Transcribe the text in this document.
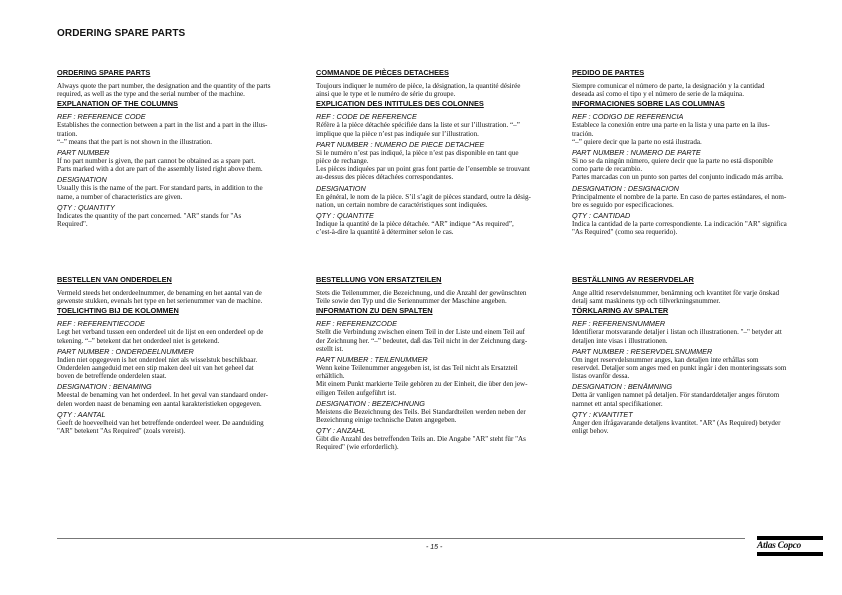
ORDERING SPARE PARTS
ORDERING SPARE PARTS
Always quote the part number, the designation and the quantity of the parts
required, as well as the type and the serial number of the machine.
EXPLANATION OF THE COLUMNS
REF : REFERENCE CODE
Establishes the connection between a part in the list and a part in the illus-
tration.
“–” means that the part is not shown in the illustration.
PART NUMBER
If no part number is given, the part cannot be obtained as a spare part.
Parts marked with a dot are part of the assembly listed right above them.
DESIGNATION
Usually this is the name of the part. For standard parts, in addition to the
name, a number of characteristics are given.
QTY : QUANTITY
Indicates the quantity of the part concerned. "AR" stands for "As
Required".
COMMANDE DE PIÈCES DETACHEES
Toujours indiquer le numéro de pièce, la désignation, la quantité désirée
ainsi que le type et le numéro de série du groupe.
EXPLICATION DES INTITULES DES COLONNES
REF : CODE DE REFERENCE
Réfère à la pièce détachée spécifiée dans la liste et sur l’illustration. “–”
implique que la pièce n’est pas indiquée sur l’illustration.
PART NUMBER : NUMERO DE PIECE DETACHEE
Si le numéro n’est pas indiqué, la pièce n’est pas disponible en tant que
pièce de rechange.
Les pièces indiquées par un point gras font partie de l’ensemble se trouvant
au-dessus des pièces détachées correspondantes.
DESIGNATION
En général, le nom de la pièce. S’il s’agit de pièces standard, outre la désig-
nation, un certain nombre de caractéristiques sont indiquées.
QTY : QUANTITE
Indique la quantité de la pièce détachée. “AR” indique “As required”,
c’est-à-dire la quantité à déterminer selon le cas.
PEDIDO DE PARTES
Siempre comunicar el número de parte, la designación y la cantidad
deseada así como el tipo y el número de serie de la máquina.
INFORMACIONES SOBRE LAS COLUMNAS
REF : CODIGO DE REFERENCIA
Establece la conexión entre una parte en la lista y una parte en la ilus-
tración.
“–” quiere decir que la parte no está ilustrada.
PART NUMBER : NUMERO DE PARTE
Si no se da ningún número, quiere decir que la parte no está disponible
como parte de recambio.
Partes marcadas con un punto son partes del conjunto indicado más arriba.
DESIGNATION : DESIGNACION
Principalmente el nombre de la parte. En caso de partes estándares, el nom-
bre es seguido por especificaciones.
QTY : CANTIDAD
Indica la cantidad de la parte correspondiente. La indicación "AR" significa
"As Required" (como sea requerido).
BESTELLEN VAN ONDERDELEN
Vermeld steeds het onderdeelnummer, de benaming en het aantal van de
gewenste stukken, evenals het type en het serienummer van de machine.
TOELICHTING BIJ DE KOLOMMEN
REF : REFERENTIECODE
Legt het verband tussen een onderdeel uit de lijst en een onderdeel op de
tekening. “–” betekent dat het onderdeel niet is getekend.
PART NUMBER : ONDERDEELNUMMER
Indien niet opgegeven is het onderdeel niet als wisselstuk beschikbaar.
Onderdelen aangeduid met een stip maken deel uit van het geheel dat
boven de betreffende onderdelen staat.
DESIGNATION : BENAMING
Meestal de benaming van het onderdeel. In het geval van standaard onder-
delen worden naast de benaming een aantal karakteristieken opgegeven.
QTY : AANTAL
Geeft de hoeveelheid van het betreffende onderdeel weer. De aanduiding
"AR" betekent "As Required" (zoals vereist).
BESTELLUNG VON ERSATZTEILEN
Stets die Teilenummer, die Bezeichnung, und die Anzahl der gewünschten
Teile sowie den Typ und die Seriennummer der Maschine angeben.
INFORMATION ZU DEN SPALTEN
REF : REFERENZCODE
Stellt die Verbindung zwischen einem Teil in der Liste und einem Teil auf
der Zeichnung her. “–” bedeutet, daß das Teil nicht in der Zeichnung darg-
estellt ist.
PART NUMBER : TEILENUMMER
Wenn keine Teilenummer angegeben ist, ist das Teil nicht als Ersatzteil
erhältlich.
Mit einem Punkt markierte Teile gehören zu der Einheit, die über den jew-
eiligen Teilen aufgeführt ist.
DESIGNATION : BEZEICHNUNG
Meistens die Bezeichnung des Teils. Bei Standardteilen werden neben der
Bezeichnung einige technische Daten angegeben.
QTY : ANZAHL
Gibt die Anzahl des betreffenden Teils an. Die Angabe "AR" steht für "As
Required" (wie erforderlich).
BESTÄLLNING AV RESERVDELAR
Ange alltid reservdelsnummer, benämning och kvantitet för varje önskad
detalj samt maskinens typ och tillverkningsnummer.
TÖRKLARING AV SPALTER
REF : REFERENSNUMMER
Identifierar motsvarande detaljer i listan och illustrationen. "–" betyder att
detaljen inte visas i illustrationen.
PART NUMBER : RESERVDELSNUMMER
Om inget reservdelsnummer anges, kan detaljen inte erhållas som
reservdel. Detaljer som anges med en punkt ingår i den monteringssats som
listas ovanför dessa.
DESIGNATION : BENÄMNING
Detta är vanligen namnet på detaljen. För standarddetaljer anges förutom
namnet ett antal specifikationer.
QTY : KVANTITET
Anger den ifrågavarande detaljens kvantitet. "AR" (As Required) betyder
enligt behov.
- 15 -	Atlas Copco
